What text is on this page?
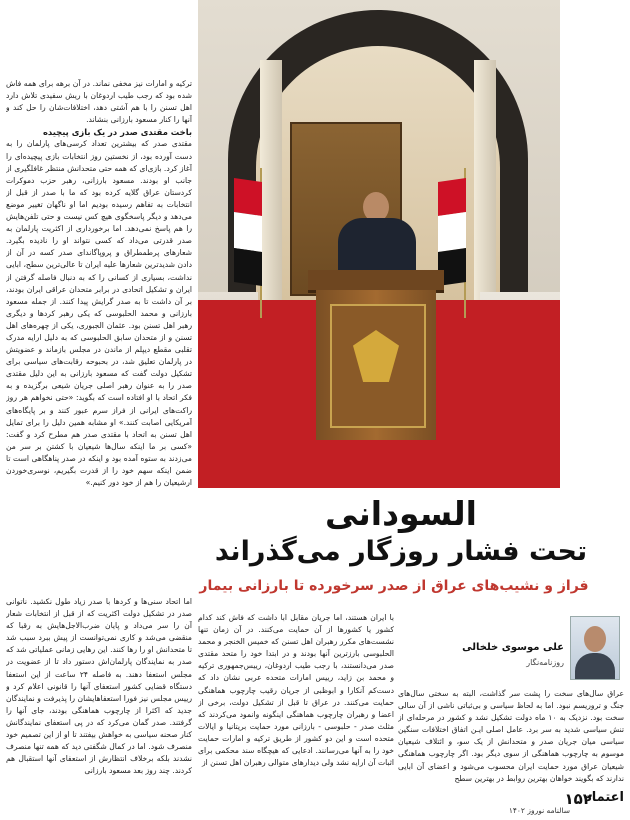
ترکیه و امارات نیز مخفی نماند. در آن برهه برای همه فاش شده بود که رجب طیب اردوغان با ریش سفیدی تلاش دارد اهل تسنن را با هم آشتی دهد، اختلافات‌شان را حل کند و آنها را کنار مسعود بارزانی بنشاند.

باخت مقتدی صدر در یک بازی پیچیده

مقتدی صدر که بیشترین تعداد کرسی‌های پارلمان را به دست آورده بود، از نخستین روز انتخابات بازی پیچیده‌ای را آغاز کرد. بازی‌ای که همه حتی متحدانش منتظر غافلگیری از جانب او بودند. مسعود بارزانی، رهبر حزب دموکرات کردستان عراق گلایه کرده بود که ما با صدر از قبل از انتخابات به تفاهم رسیده بودیم اما او ناگهان تغییر موضع می‌دهد و دیگر پاسخگوی هیچ کس نیست و حتی تلفن‌هایش را هم پاسخ نمی‌دهد. اما برخورداری از اکثریت پارلمان به صدر قدرتی می‌داد که کسی نتواند او را نادیده بگیرد. شعارهای پرطمطراق و پروپاگاندای صدر کسه در آن از دادن شدیدترین شعارها علیه ایران تا عالی‌ترین سطح، ابایی نداشت، بسیاری از کسانی را که به دنبال فاصله گرفتن از ایران و تشکیل اتحادی در برابر متحدان عراقی ایران بودند، بر آن داشت تا به صدر گرایش پیدا کنند. از جمله مسعود بارزانی و محمد الحلبوسی که یکی رهبر کردها و دیگری رهبر اهل تسنن بود. عثمان الجبوری، یکی از چهره‌های اهل تسنن و از متحدان سابق الحلبوسی که به دلیل ارایه مدرک تقلبی مقطع دیپلم از ماندن در مجلس بازماند و عضویتش در پارلمان تعلیق شد، در بحبوحه رقابت‌های سیاسی برای تشکیل دولت گفت که مسعود بارزانی به این دلیل مقتدی صدر را به عنوان رهبر اصلی جریان شیعی برگزیده و به فکر اتحاد با او افتاده است که بگوید: «حتی نخواهم هر روز راکت‌های ایرانی از فراز سرم عبور کنند و بر پایگاه‌های آمریکایی اصابت کنند.» او مشابه همین دلیل را برای تمایل اهل تسنن به اتحاد با مقتدی صدر هم مطرح کرد و گفت: «کسی بر ما اینکه سال‌ها شیعیان با کشتن بر سر من می‌زدند به ستوه آمده بود و اینکه در صدر پناهگاهی است تا ضمن اینکه سهم خود را از قدرت بگیریم، نوسری‌خوردن ارشیعیان را هم از خود دور کنیم.»

اما اتحاد سنی‌ها و کردها با صدر زیاد طول نکشید. ناتوانی صدر در تشکیل دولت اکثریت که از قبل از انتخابات شعار آن را سر می‌داد و پایان ضرب‌الاجل‌هایش به رقبا که منقضی می‌شد و کاری نمی‌توانست از پیش ببرد سبب شد تا متحدانش او را رها کنند. این رهایی زمانی عملیاتی شد که صدر به نمایندگان پارلمان‌اش دستور داد تا از عضویت در مجلس استعفا دهند. به فاصله ۲۴ ساعت از این استعفا دستگاه قضایی کشور استعفای آنها را قانونی اعلام کرد و رییس مجلس نیز فورا استعفاهایشان را پذیرفت و نمایندگان جدید که اکثرا از چارچوب هماهنگی بودند، جای آنها را گرفتند. صدر گمان می‌کرد که در پی استعفای نمایندگانش کنار صحنه سیاسی به خواهش بیفتند تا او از این تصمیم خود منصرف شود. اما در کمال شگفتی دید که همه تنها منصرف نشدند بلکه برخلاف انتظارش از استعفای آنها استقبال هم کردند. چند روز بعد مسعود بارزانی

السودانی
تحت فشار روزگار می‌گذراند
فراز و نشیب‌های عراق از صدر سرخورده تا بارزانی بیمار
علی موسوی خلخالی
روزنامه‌نگار

با ایران هستند، اما جریان مقابل ابا داشت که فاش کند کدام کشور یا کشورها از آن حمایت می‌کنند. در آن زمان تنها نشست‌های مکرر رهبران اهل تسنن که خمیس الخنجر و محمد الحلبوسی بارزترین آنها بودند و در ابتدا خود را متحد مقتدی صدر می‌دانستند، با رجب طیب اردوغان، رییس‌جمهوری ترکیه و محمد بن زاید، رییس امارات متحده عربی نشان داد که دست‌کم آنکارا و ابوظبی از جریان رقیب چارچوب هماهنگی حمایت می‌کنند. در عراق تا قبل از تشکیل دولت، برخی از اعضا و رهبران چارچوب هماهنگی اینگونه وانمود می‌کردند که مثلث صدر - حلبوسی - بارزانی مورد حمایت بریتانیا و ایالات متحده است و این دو کشور از طریق ترکیه و امارات حمایت خود را به آنها می‌رسانند. ادعایی که هیچگاه سند محکمی برای اثبات آن ارایه نشد ولی دیدارهای متوالی رهبران اهل تسنن از

عراق سال‌های سخت را پشت سر گذاشت، البته به سختی سال‌های جنگ و تروریسم نبود. اما به لحاظ سیاسی و بی‌ثباتی ناشی از آن سالی سخت بود. نزدیک به ۱۰ ماه دولت تشکیل نشد و کشور در مرحله‌ای از تنش سیاسی شدید به سر برد. عامل اصلی ایـن اتفاق اختلافات سنگین سیاسی میان جریان صدر و متحدانش از یک سو، و ائتلاف شیعیان موسوم به چارچوب هماهنگی از سوی دیگر بود. اگر چارچوب هماهنگی شیعیان عراق مورد حمایت ایران محسوب می‌شود و اعضای آن ابایی ندارند که بگویند خواهان بهترین روابط در بهترین سطح

اعتماد
۱۵۲
سالنامه نوروز ۱۴۰۲
